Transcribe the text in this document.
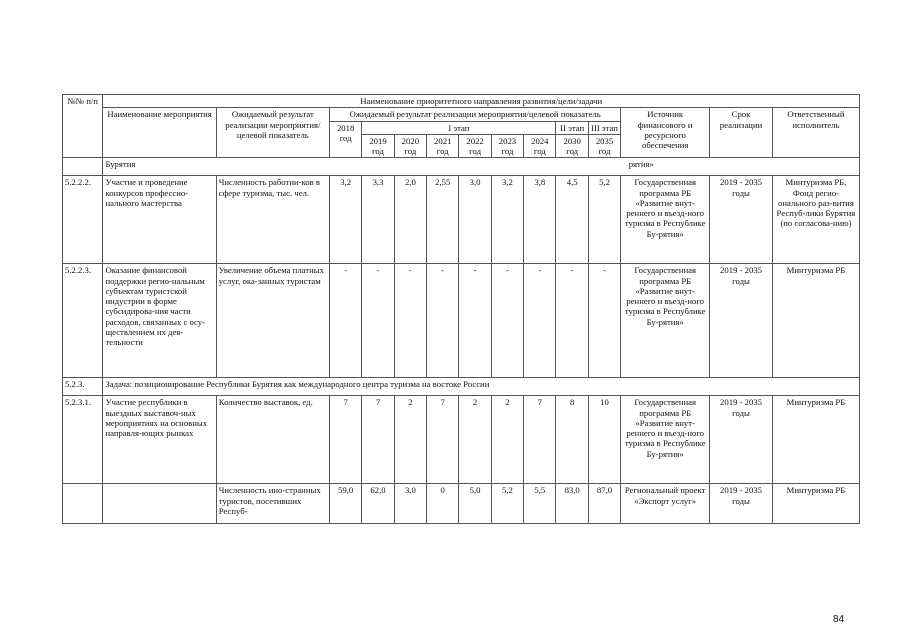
№№ п/п	Наименование приоритетного направления развития/цели/задачи													
	Наименование мероприятия	Ожидаемый результат реализации мероприятия/целевой показатель	Ожидаемый результат реализации мероприятия/целевой показатель									Источник финансового и ресурсного обеспечения	Срок реализации	Ответственный исполнитель
			2018 год	I этап						II этап	III этап			
				2019 год	2020 год	2021 год	2022 год	2023 год	2024 год	2030 год	2035 год			
	Бурятия											рятия»		
5.2.2.2.	Участие и проведение конкурсов профессио-нального мастерства	Численность работни-ков в сфере туризма, тыс. чел.	3,2	3,3	2,0	2,55	3,0	3,2	3,8	4,5	5,2	Государственная программа РБ «Развитие внут-реннего и въезд-ного туризма в Республике Бу-рятия»	2019 - 2035 годы	Минтуризма РБ, Фонд регио-онального раз-вития Респуб-лики Бурятия (по согласова-нию)
5.2.2.3.	Оказание финансовой поддержки регио-нальным субъектам туристской индустрии в форме субсидирова-ния части расходов, связанных с осу-ществлением их дея-тельности	Увеличение объема платных услуг, ока-занных туристам	-	-	-	-	-	-	-	-	-	Государственная программа РБ «Развитие внут-реннего и въезд-ного туризма в Республике Бу-рятия»	2019 - 2035 годы	Минтуризма РБ
5.2.3.	Задача: позиционирование Республики Бурятия как международного центра туризма на востоке России													
5.2.3.1.	Участие республики в выездных выставоч-ных мероприятиях на основных направля-ющих рынках	Количество выставок, ед.	7	7	2	7	2	2	7	8	10	Государственная программа РБ «Развитие внут-реннего и въезд-ного туризма в Республике Бу-рятия»	2019 - 2035 годы	Минтуризма РБ
		Численность ино-странных туристов, посетивших Респуб-	59,0	62,0	3,0	0	5,0	5,2	5,5	83,0	87,0	Региональный проект «Экспорт услуг»	2019 - 2035 годы	Минтуризма РБ
84
